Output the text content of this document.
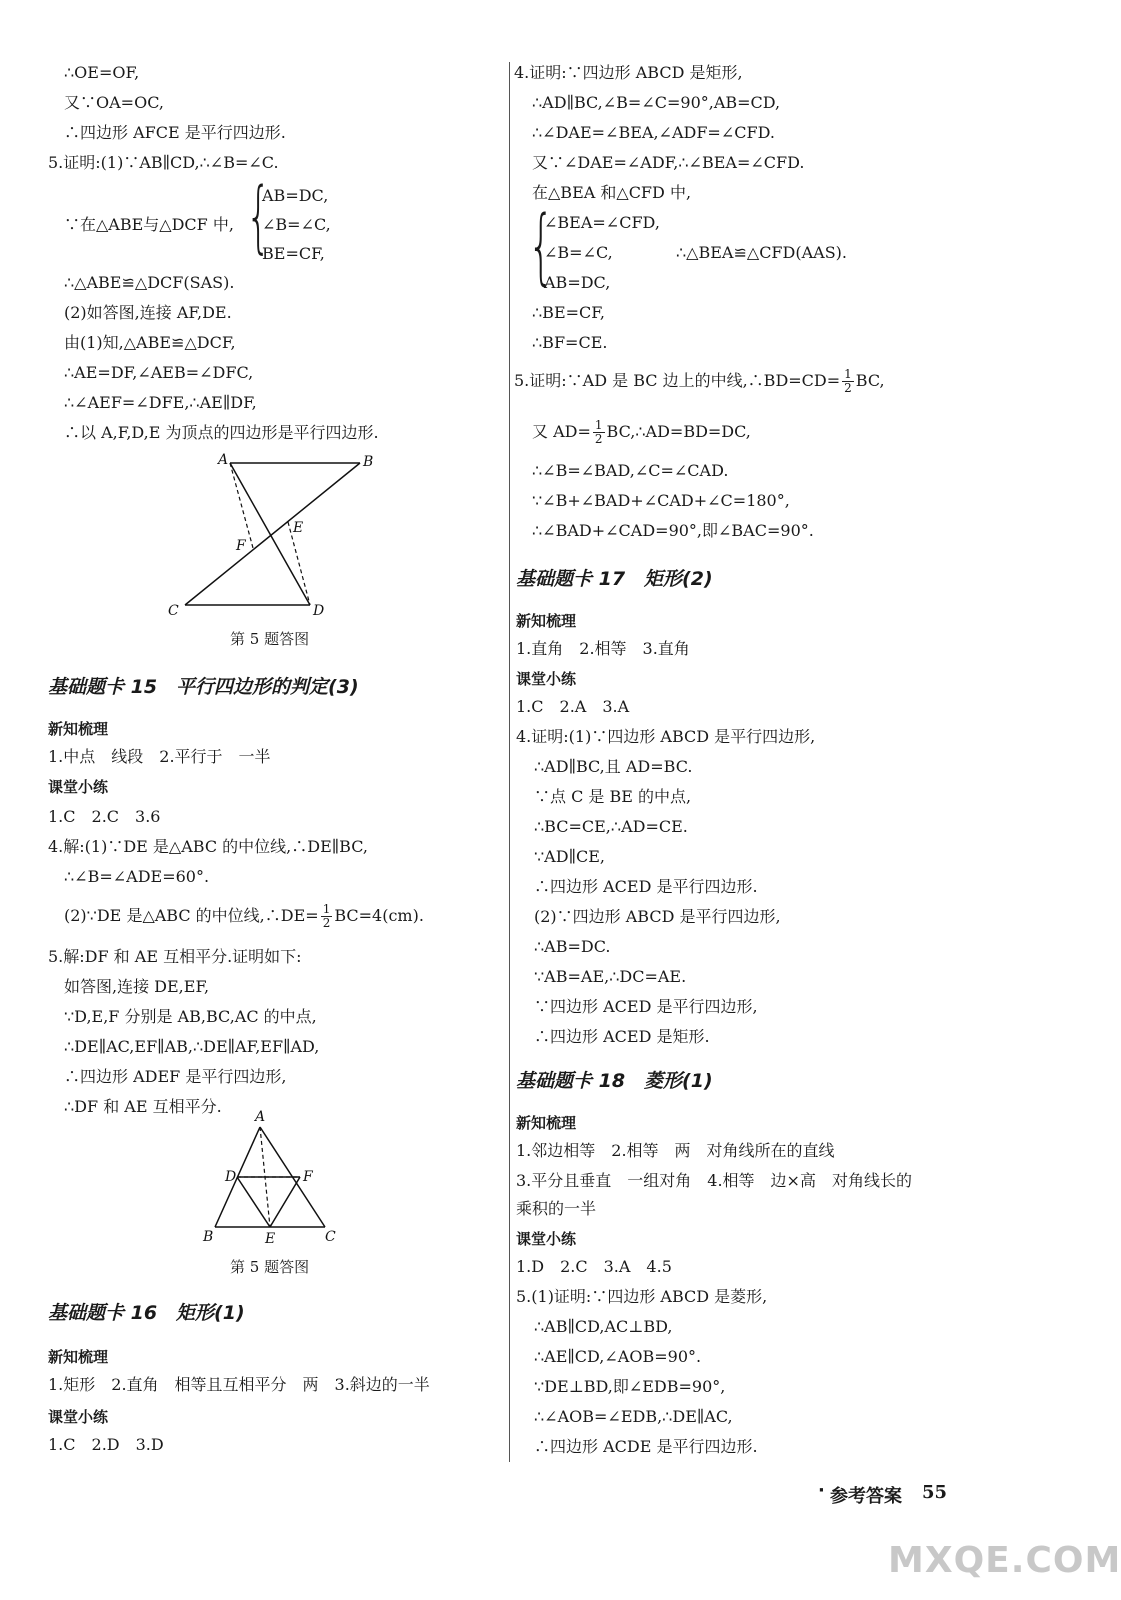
∴OE=OF,
又∵OA=OC,
∴四边形 AFCE 是平行四边形.
5.证明:(1)∵AB∥CD,∴∠B=∠C.
∵在△ABE与△DCF 中, {
AB=DC,
∠B=∠C,
BE=CF,
∴△ABE≌△DCF(SAS).
(2)如答图,连接 AF,DE.
由(1)知,△ABE≌△DCF,
∴AE=DF,∠AEB=∠DFC,
∴∠AEF=∠DFE,∴AE∥DF,
∴以 A,F,D,E 为顶点的四边形是平行四边形.
A	B
E
F
C	D
第 5 题答图
基础题卡 15　平行四边形的判定(3)
新知梳理
1.中点　线段　2.平行于　一半
课堂小练
1.C　2.C　3.6
4.解:(1)∵DE 是△ABC 的中位线,∴DE∥BC,
∴∠B=∠ADE=60°.
(2)∵DE 是△ABC 的中位线,∴DE= $\frac{1}{2} BC=4(cm)$.
5.解:DF 和 AE 互相平分.证明如下:
如答图,连接 DE,EF,
∵D,E,F 分别是 AB,BC,AC 的中点,
∴DE∥AC,EF∥AB,∴DE∥AF,EF∥AD,
∴四边形 ADEF 是平行四边形,
∴DF 和 AE 互相平分.
A
D	F
B	E	C
第 5 题答图
基础题卡 16　矩形(1)
新知梳理
1.矩形　2.直角　相等且互相平分　两　3.斜边的一半
课堂小练
1.C　2.D　3.D
4.证明:∵四边形 ABCD 是矩形,
∴AD∥BC,∠B=∠C=90°,AB=CD,
∴∠DAE=∠BEA,∠ADF=∠CFD.
又∵∠DAE=∠ADF,∴∠BEA=∠CFD.
在△BEA 和△CFD 中,
{
∠BEA=∠CFD,
∠B=∠C,
AB=DC,
∴△BEA≌△CFD(AAS).
∴BE=CF,
∴BF=CE.
5.证明:∵AD 是 BC 边上的中线,∴BD=CD= $\frac{1}{2}$ BC,
又 $AD= \frac{1}{2}$ BC,∴AD=BD=DC,
∴∠B=∠BAD,∠C=∠CAD.
∵∠B+∠BAD+∠CAD+∠C=180°,
∴∠BAD+∠CAD=90°,即∠BAC=90°.
基础题卡 17　矩形(2)
新知梳理
1.直角　2.相等　3.直角
课堂小练
1.C　2.A　3.A
4.证明:(1)∵四边形 ABCD 是平行四边形,
∴AD∥BC,且 AD=BC.
∵点 C 是 BE 的中点,
∴BC=CE,∴AD=CE.
∵AD∥CE,
∴四边形 ACED 是平行四边形.
(2)∵四边形 ABCD 是平行四边形,
∴AB=DC.
∵AB=AE,∴DC=AE.
∵四边形 ACED 是平行四边形,
∴四边形 ACED 是矩形.
基础题卡 18　菱形(1)
新知梳理
1.邻边相等　2.相等　两　对角线所在的直线
3.平分且垂直　一组对角　4.相等　边×高　对角线长的
乘积的一半
课堂小练
1.D　2.C　3.A　4.5
5.(1)证明:∵四边形 ABCD 是菱形,
∴AB∥CD,AC⊥BD,
∴AE∥CD,∠AOB=90°.
∵DE⊥BD,即∠EDB=90°,
∴∠AOB=∠EDB,∴DE∥AC,
∴四边形 ACDE 是平行四边形.
· 参考答案 55
MXQE.COM
